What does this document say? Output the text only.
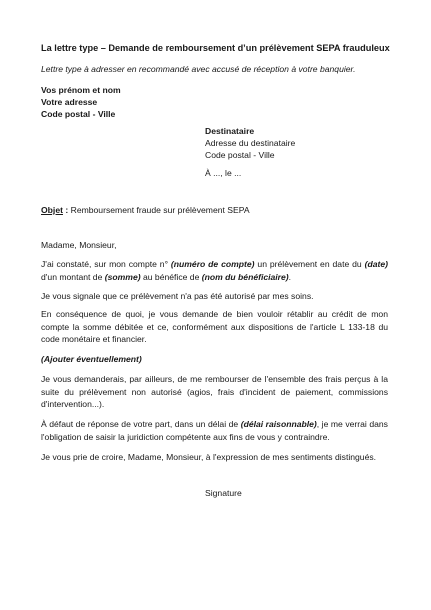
La lettre type – Demande de remboursement d’un prélèvement SEPA frauduleux
Lettre type à adresser en recommandé avec accusé de réception à votre banquier.
Vos prénom et nom
Votre adresse
Code postal - Ville
Destinataire
Adresse du destinataire
Code postal - Ville
À ..., le ...
Objet : Remboursement fraude sur prélèvement SEPA
Madame, Monsieur,
J'ai constaté, sur mon compte n° (numéro de compte) un prélèvement en date du (date) d'un montant de (somme) au bénéfice de (nom du bénéficiaire).
Je vous signale que ce prélèvement n'a pas été autorisé par mes soins.
En conséquence de quoi, je vous demande de bien vouloir rétablir au crédit de mon compte la somme débitée et ce, conformément aux dispositions de l'article L 133-18 du code monétaire et financier.
(Ajouter éventuellement)
Je vous demanderais, par ailleurs, de me rembourser de l'ensemble des frais perçus à la suite du prélèvement non autorisé (agios, frais d'incident de paiement, commissions d'intervention...).
À défaut de réponse de votre part, dans un délai de (délai raisonnable), je me verrai dans l'obligation de saisir la juridiction compétente aux fins de vous y contraindre.
Je vous prie de croire, Madame, Monsieur, à l'expression de mes sentiments distingués.
Signature
